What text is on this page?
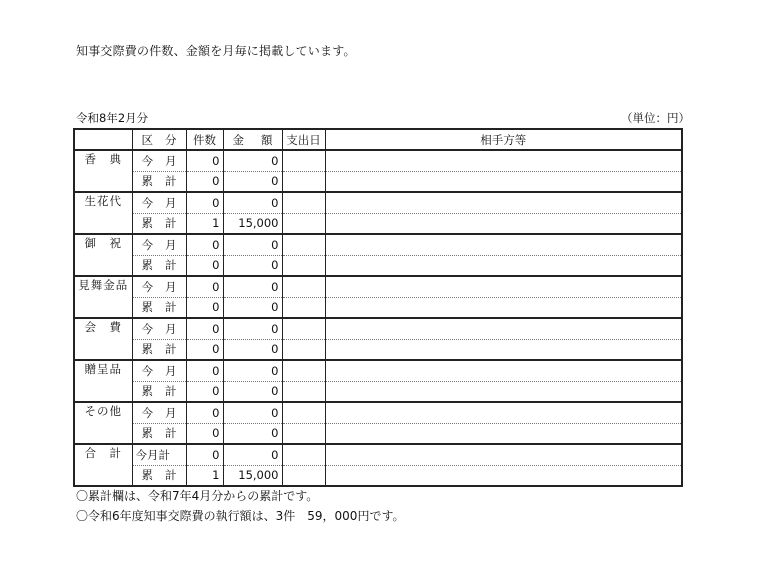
知事交際費の件数、金額を月毎に掲載しています。
令和8年2月分	（単位：円）

	区 分	件数	金 額	支出日	相手方等
香　典	今 月	0	0		

	累 計	0	0		
生花代	今 月	0	0		

	累 計	1	15,000		
御　祝	今 月	0	0		

	累 計	0	0		
見舞金品	今 月	0	0		

	累 計	0	0		
会　費	今 月	0	0		

	累 計	0	0		
贈呈品	今 月	0	0		

	累 計	0	0		
その他	今 月	0	0		

	累 計	0	0		
合　計	今月計	0	0		

	累 計	1	15,000		
〇累計欄は、令和7年4月分からの累計です。
〇令和6年度知事交際費の執行額は、3件　59，000円です。
